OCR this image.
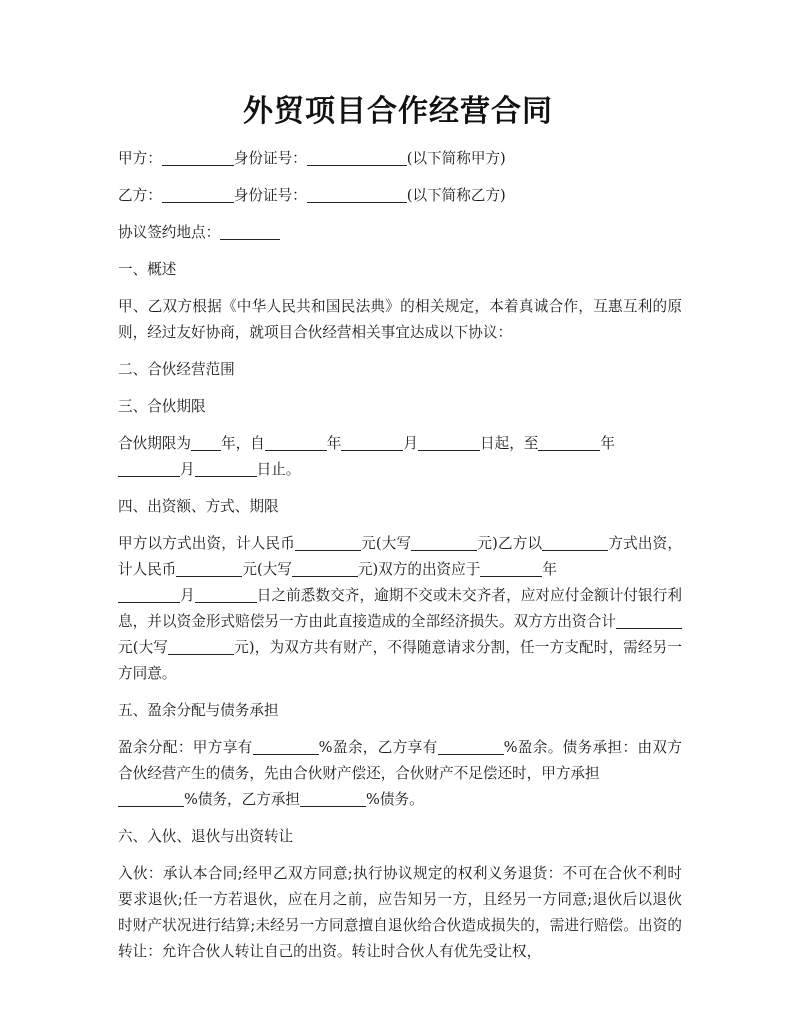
外贸项目合作经营合同

甲方：	身份证号：	(以下简称甲方)

乙方：	身份证号：	(以下简称乙方)

协议签约地点：

一、概述

甲、乙双方根据《中华人民共和国民法典》的相关规定，本着真诚合作，互惠互利的原则，经过友好协商，就项目合伙经营相关事宜达成以下协议：

二、合伙经营范围

三、合伙期限

合伙期限为 年，自	年	月	日起，至	年
月	日止。

四、出资额、方式、期限

甲方以方式出资，计人民币	元(大写	元)乙方以	方式出资，计人民币	元(大写	元)双方的出资应于	年
月	日之前悉数交齐，逾期不交或未交齐者，应对应付金额计付银行利息，并以资金形式赔偿另一方由此直接造成的全部经济损失。双方方出资合计元(大写	元)，为双方共有财产，不得随意请求分割，任一方支配时，需经另一方同意。

五、盈余分配与债务承担

盈余分配：甲方享有	%盈余，乙方享有	%盈余。债务承担：由双方合伙经营产生的债务，先由合伙财产偿还，合伙财产不足偿还时，甲方承担
%债务，乙方承担	%债务。

六、入伙、退伙与出资转让

入伙：承认本合同;经甲乙双方同意;执行协议规定的权利义务退货：不可在合伙不利时要求退伙;任一方若退伙，应在月之前，应告知另一方，且经另一方同意;退伙后以退伙时财产状况进行结算;未经另一方同意擅自退伙给合伙造成损失的，需进行赔偿。出资的转让：允许合伙人转让自己的出资。转让时合伙人有优先受让权，
